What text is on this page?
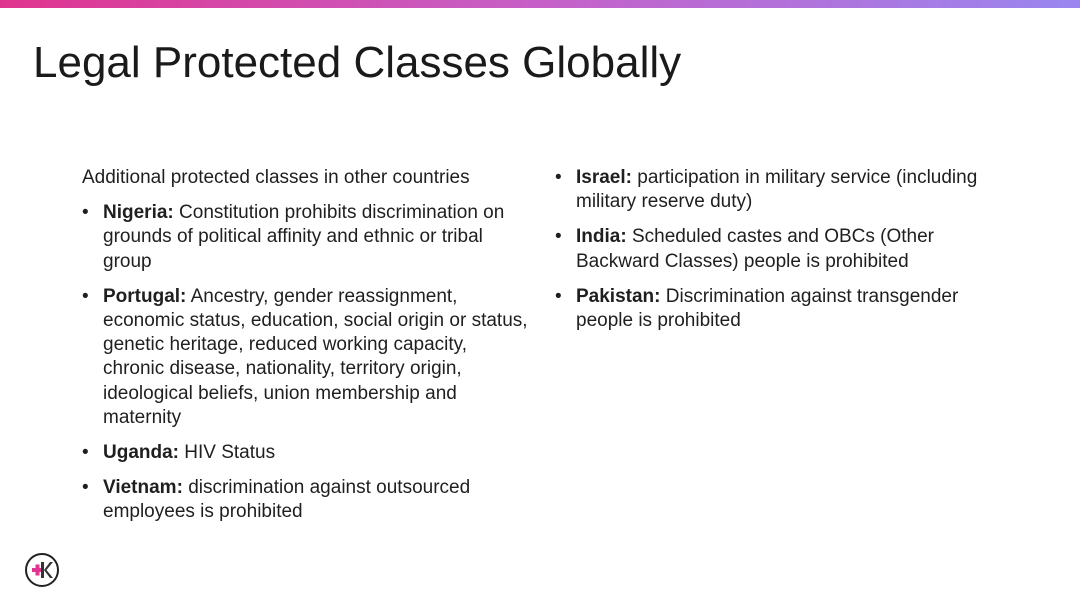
Legal Protected Classes Globally

Additional protected classes in other countries

• Nigeria: Constitution prohibits discrimination on grounds of political affinity and ethnic or tribal group
• Portugal: Ancestry, gender reassignment, economic status, education, social origin or status, genetic heritage, reduced working capacity, chronic disease, nationality, territory origin, ideological beliefs, union membership and maternity
• Uganda: HIV Status
• Vietnam: discrimination against outsourced employees is prohibited
• Israel: participation in military service (including military reserve duty)
• India: Scheduled castes and OBCs (Other Backward Classes) people is prohibited
• Pakistan: Discrimination against transgender people is prohibited
